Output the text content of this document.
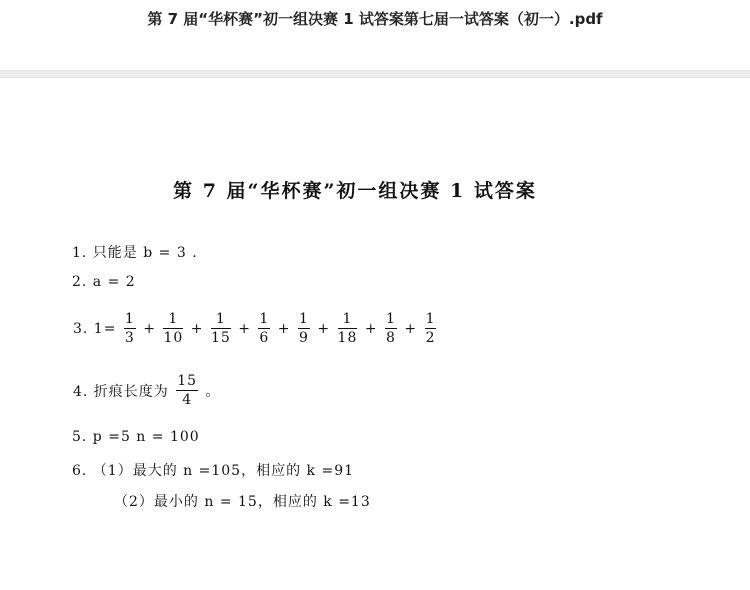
第 7 届“华杯赛”初一组决赛 1 试答案第七届一试答案（初一）.pdf
第 7 届“华杯赛”初一组决赛 1 试答案
1. 只能是 b = 3 .
2. a = 2
3. $1= \frac{1}{3} + \frac{1}{10} + \frac{1}{15} + \frac{1}{6} + \frac{1}{9} + \frac{1}{18} + \frac{1}{8} + \frac{1}{2}$
4. 折痕长度为 $\frac{15}{4}$ 。
5. p =5 n = 100
6. （1）最大的 n =105，相应的 k =91
（2）最小的 n = 15，相应的 k =13
